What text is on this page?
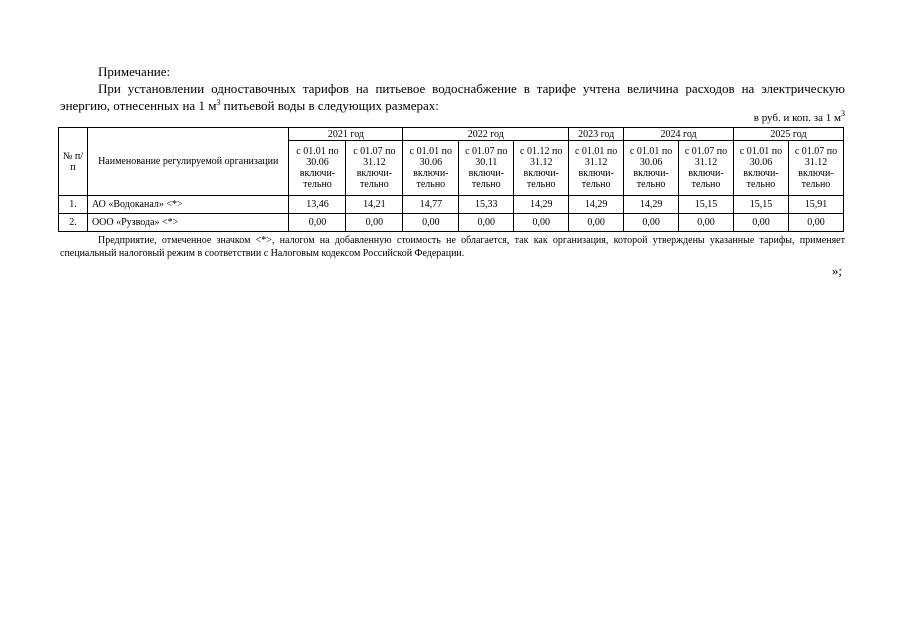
Примечание:
При установлении одноставочных тарифов на питьевое водоснабжение в тарифе учтена величина расходов на электрическую энергию, отнесенных на 1 $м^3$ питьевой воды в следующих размерах:
в руб. и коп. за 1 $м^3$
№ п/п	Наименование регулируемой организации	2021 год		2022 год			2023 год	2024 год		2025 год	
		с 01.01 по 30.06 включи-тельно	с 01.07 по 31.12 включи-тельно	с 01.01 по 30.06 включи-тельно	с 01.07 по 30.11 включи-тельно	с 01.12 по 31.12 включи-тельно	с 01.01 по 31.12 включи-тельно	с 01.01 по 30.06 включи-тельно	с 01.07 по 31.12 включи-тельно	с 01.01 по 30.06 включи-тельно	с 01.07 по 31.12 включи-тельно
1.	АО «Водоканал» <*>	13,46	14,21	14,77	15,33	14,29	14,29	14,29	15,15	15,15	15,91
2.	ООО «Рузвода» <*>	0,00	0,00	0,00	0,00	0,00	0,00	0,00	0,00	0,00	0,00
Предприятие, отмеченное значком <*>, налогом на добавленную стоимость не облагается, так как организация, которой утверждены указанные тарифы, применяет специальный налоговый режим в соответствии с Налоговым кодексом Российской Федерации.
»;
